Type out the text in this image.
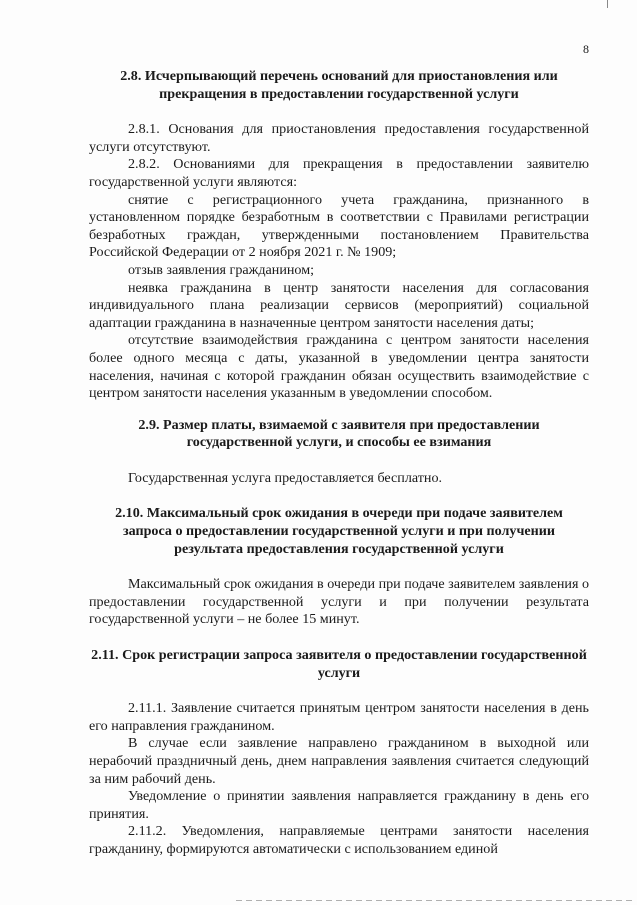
8

2.8. Исчерпывающий перечень оснований для приостановления или прекращения в предоставлении государственной услуги

2.8.1. Основания для приостановления предоставления государственной услуги отсутствуют.

2.8.2. Основаниями для прекращения в предоставлении заявителю государственной услуги являются:

снятие с регистрационного учета гражданина, признанного в установленном порядке безработным в соответствии с Правилами регистрации безработных граждан, утвержденными постановлением Правительства Российской Федерации от 2 ноября 2021 г. № 1909;

отзыв заявления гражданином;

неявка гражданина в центр занятости населения для согласования индивидуального плана реализации сервисов (мероприятий) социальной адаптации гражданина в назначенные центром занятости населения даты;

отсутствие взаимодействия гражданина с центром занятости населения более одного месяца с даты, указанной в уведомлении центра занятости населения, начиная с которой гражданин обязан осуществить взаимодействие с центром занятости населения указанным в уведомлении способом.

2.9. Размер платы, взимаемой с заявителя при предоставлении государственной услуги, и способы ее взимания

Государственная услуга предоставляется бесплатно.

2.10. Максимальный срок ожидания в очереди при подаче заявителем запроса о предоставлении государственной услуги и при получении результата предоставления государственной услуги

Максимальный срок ожидания в очереди при подаче заявителем заявления о предоставлении государственной услуги и при получении результата государственной услуги – не более 15 минут.

2.11. Срок регистрации запроса заявителя о предоставлении государственной услуги

2.11.1. Заявление считается принятым центром занятости населения в день его направления гражданином.

В случае если заявление направлено гражданином в выходной или нерабочий праздничный день, днем направления заявления считается следующий за ним рабочий день.

Уведомление о принятии заявления направляется гражданину в день его принятия.

2.11.2. Уведомления, направляемые центрами занятости населения гражданину, формируются автоматически с использованием единой
